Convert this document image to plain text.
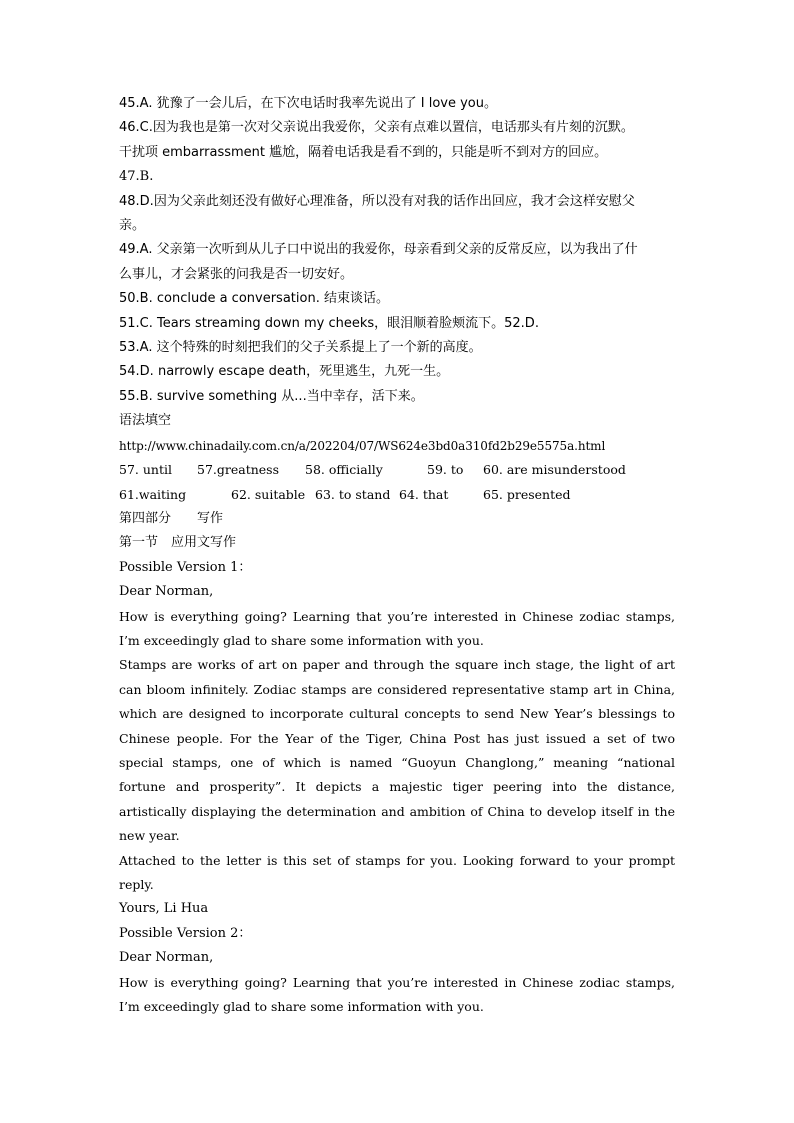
45.A. 犹豫了一会儿后，在下次电话时我率先说出了 I love you。
46.C.因为我也是第一次对父亲说出我爱你，父亲有点难以置信，电话那头有片刻的沉默。
干扰项 embarrassment 尴尬，隔着电话我是看不到的，只能是听不到对方的回应。
47.B.
48.D.因为父亲此刻还没有做好心理准备，所以没有对我的话作出回应，我才会这样安慰父
亲。
49.A. 父亲第一次听到从儿子口中说出的我爱你，母亲看到父亲的反常反应，以为我出了什
么事儿，才会紧张的问我是否一切安好。
50.B. conclude a conversation. 结束谈话。
51.C. Tears streaming down my cheeks，眼泪顺着脸颊流下。52.D.
53.A. 这个特殊的时刻把我们的父子关系提上了一个新的高度。
54.D. narrowly escape death，死里逃生，九死一生。
55.B. survive something 从...当中幸存，活下来。
语法填空
http://www.chinadaily.com.cn/a/202204/07/WS624e3bd0a310fd2b29e5575a.html
57. until	57.greatness	58. officially	59. to	60. are misunderstood
61.waiting	62. suitable 63. to stand 64. that	65. presented
第四部分　　写作
第一节　应用文写作
Possible Version 1：
Dear Norman,
How is everything going? Learning that you’re interested in Chinese zodiac stamps, I’m exceedingly glad to share some information with you.
Stamps are works of art on paper and through the square inch stage, the light of art can bloom infinitely. Zodiac stamps are considered representative stamp art in China, which are designed to incorporate cultural concepts to send New Year’s blessings to Chinese people. For the Year of the Tiger, China Post has just issued a set of two special stamps, one of which is named “Guoyun Changlong,” meaning “national fortune and prosperity”. It depicts a majestic tiger peering into the distance, artistically displaying the determination and ambition of China to develop itself in the new year.
Attached to the letter is this set of stamps for you. Looking forward to your prompt reply.
Yours, Li Hua
Possible Version 2：
Dear Norman,
How is everything going? Learning that you’re interested in Chinese zodiac stamps, I’m exceedingly glad to share some information with you.
